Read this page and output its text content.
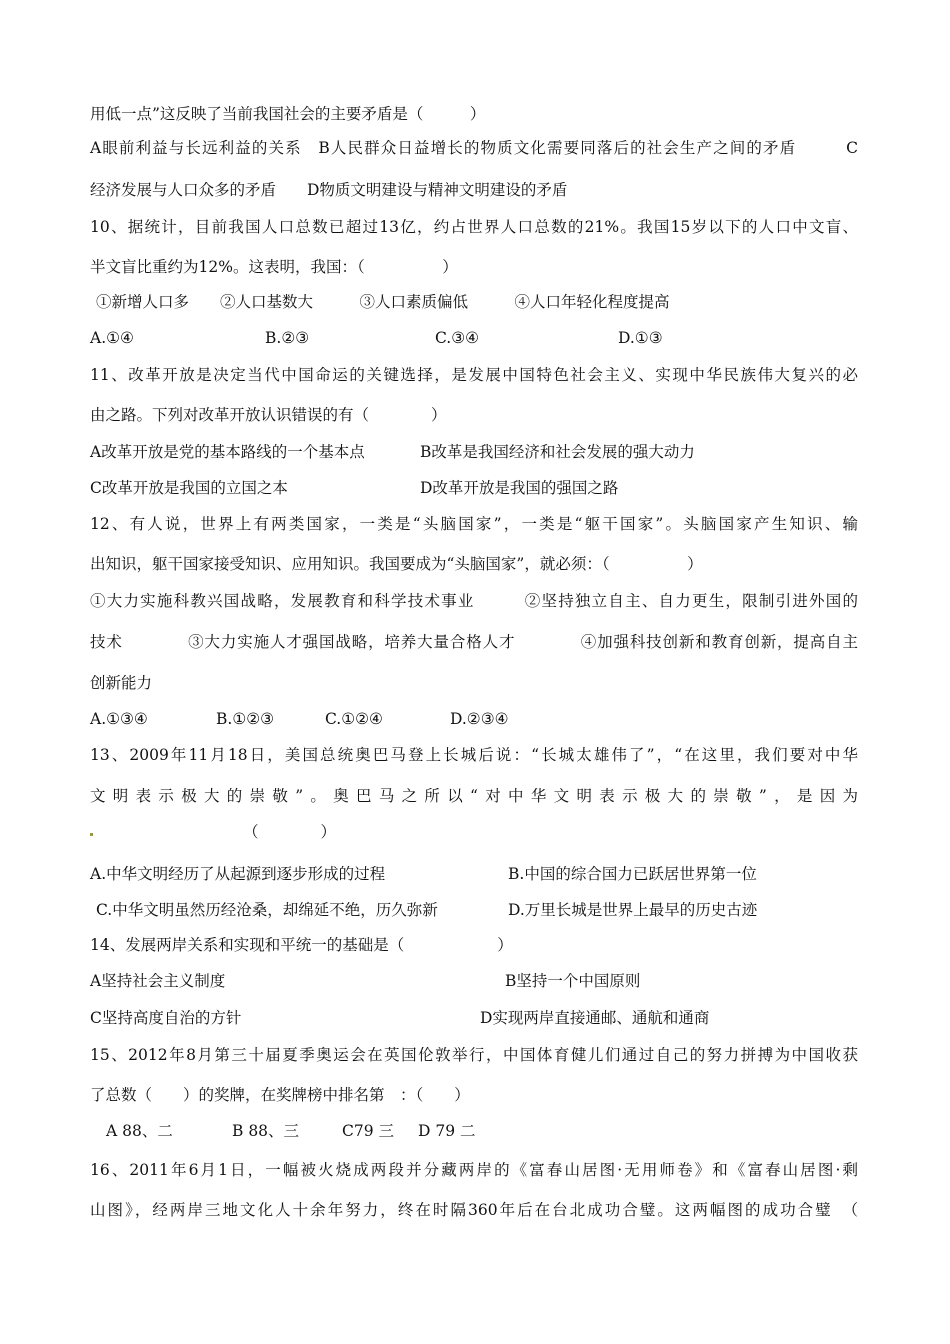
用低一点”这反映了当前我国社会的主要矛盾是（　　　）
A眼前利益与长远利益的关系　B人民群众日益增长的物质文化需要同落后的社会生产之间的矛盾　　　C
经济发展与人口众多的矛盾　　D物质文明建设与精神文明建设的矛盾
10、据统计，目前我国人口总数已超过13亿，约占世界人口总数的21%。我国15岁以下的人口中文盲、
半文盲比重约为12%。这表明，我国：（　　　　　）
①新增人口多　　②人口基数大　　　③人口素质偏低　　　④人口年轻化程度提高
A.①④	B.②③	C.③④	D.①③
11、改革开放是决定当代中国命运的关键选择，是发展中国特色社会主义、实现中华民族伟大复兴的必
由之路。下列对改革开放认识错误的有（　　　　）
A改革开放是党的基本路线的一个基本点	B改革是我国经济和社会发展的强大动力
C改革开放是我国的立国之本	D改革开放是我国的强国之路
12、有人说，世界上有两类国家，一类是“头脑国家”，一类是“躯干国家”。头脑国家产生知识、输
出知识，躯干国家接受知识、应用知识。我国要成为“头脑国家”，就必须：（　　　　　）
①大力实施科教兴国战略，发展教育和科学技术事业　　　②坚持独立自主、自力更生，限制引进外国的
技术　　　　③大力实施人才强国战略，培养大量合格人才　　　　④加强科技创新和教育创新，提高自主
创新能力
A.①③④	B.①②③	C.①②④	D.②③④
13、2009年11月18日，美国总统奥巴马登上长城后说：“长城太雄伟了”，“在这里，我们要对中华
文明表示极大的崇敬”。奥巴马之所以“对中华文明表示极大的崇敬”，是因为
（　　　　）
A.中华文明经历了从起源到逐步形成的过程	B.中国的综合国力已跃居世界第一位
C.中华文明虽然历经沧桑，却绵延不绝，历久弥新	D.万里长城是世界上最早的历史古迹
14、发展两岸关系和实现和平统一的基础是（　　　　　　）
A坚持社会主义制度	B坚持一个中国原则
C坚持高度自治的方针	D实现两岸直接通邮、通航和通商
15、2012年8月第三十届夏季奥运会在英国伦敦举行，中国体育健儿们通过自己的努力拼搏为中国收获
了总数（　　）的奖牌，在奖牌榜中排名第　：（　　）
A 88、二	B 88、三	C79 三 D 79 二
16、2011年6月1日，一幅被火烧成两段并分藏两岸的《富春山居图·无用师卷》和《富春山居图·剩
山图》，经两岸三地文化人十余年努力，终在时隔360年后在台北成功合璧。这两幅图的成功合璧　（
